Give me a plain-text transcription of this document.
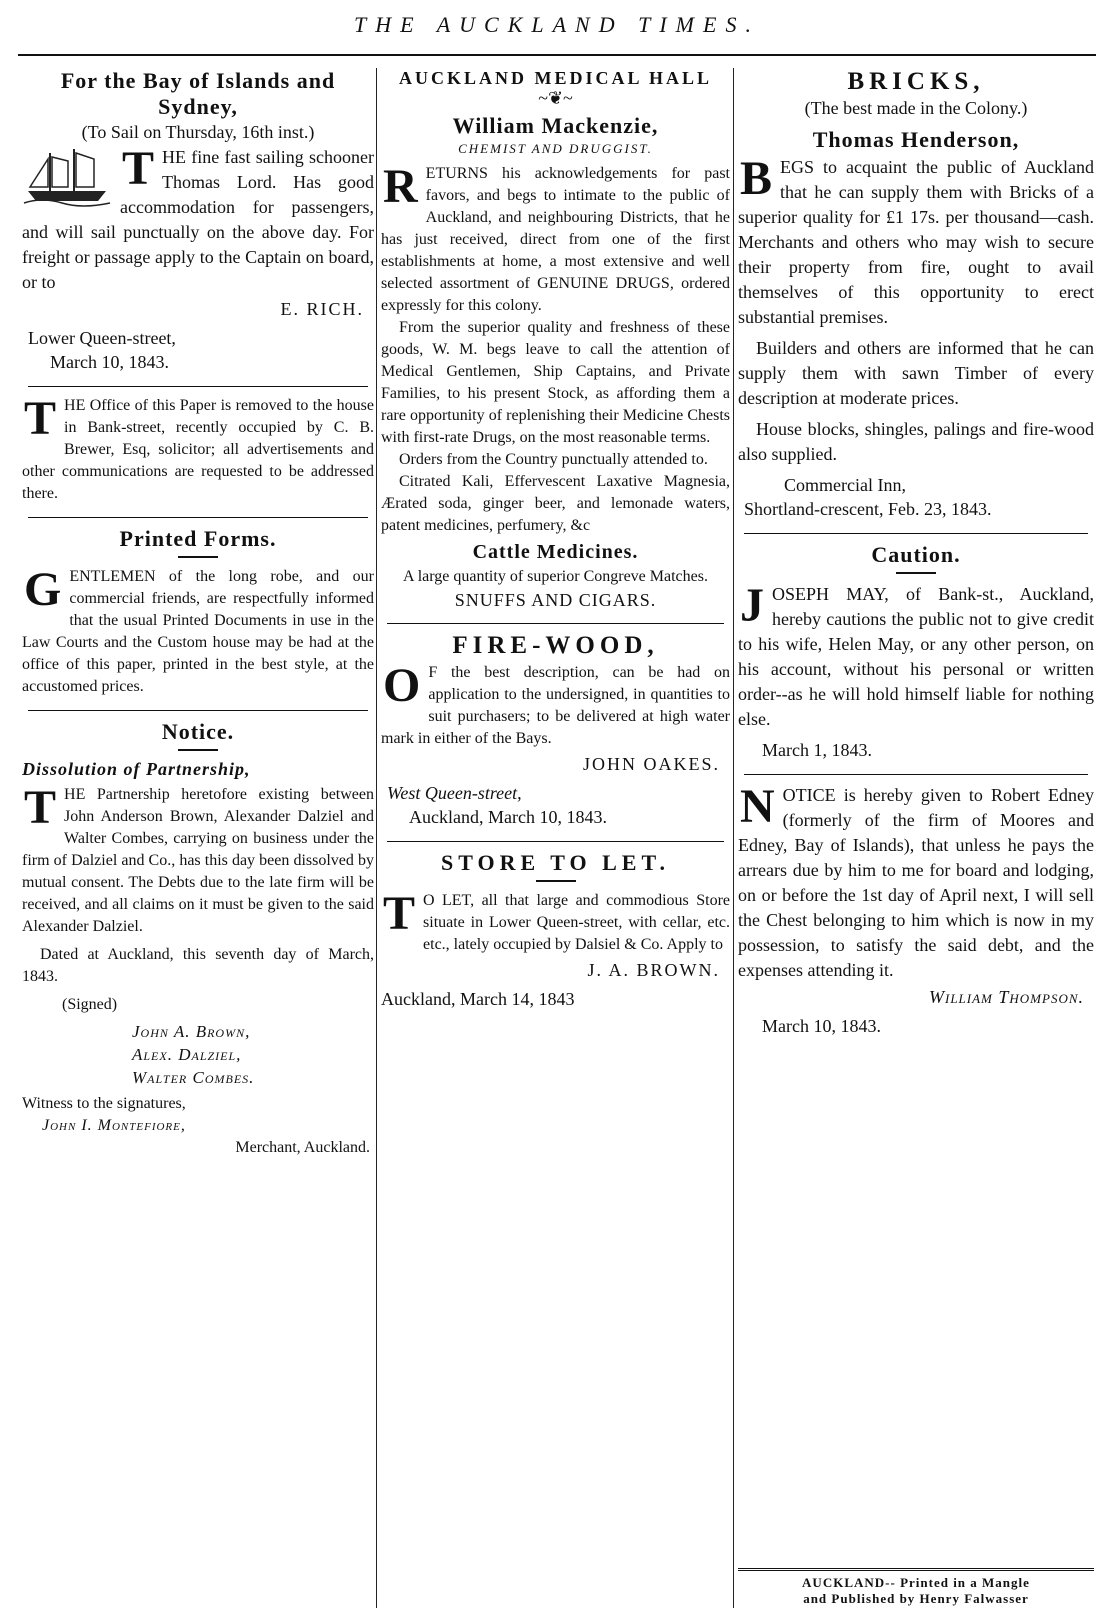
THE AUCKLAND TIMES.
For the Bay of Islands and Sydney,
(To Sail on Thursday, 16th inst.)

THE fine fast sailing schooner Thomas Lord. Has good accommodation for passengers, and will sail punctually on the above day. For freight or passage apply to the Captain on board, or to

E. RICH.
Lower Queen-street,
March 10, 1843.

THE Office of this Paper is removed to the house in Bank-street, recently occupied by C. B. Brewer, Esq, solicitor; all advertisements and other communications are requested to be addressed there.

Printed Forms.

GENTLEMEN of the long robe, and our commercial friends, are respectfully informed that the usual Printed Documents in use in the Law Courts and the Custom house may be had at the office of this paper, printed in the best style, at the accustomed prices.

Notice.
Dissolution of Partnership,

THE Partnership heretofore existing between John Anderson Brown, Alexander Dalziel and Walter Combes, carrying on business under the firm of Dalziel and Co., has this day been dissolved by mutual consent. The Debts due to the late firm will be received, and all claims on it must be given to the said Alexander Dalziel.

Dated at Auckland, this seventh day of March, 1843.

(Signed)
John A. Brown,
Alex. Dalziel,
Walter Combes.
Witness to the signatures,
John I. Montefiore,
Merchant, Auckland.
AUCKLAND MEDICAL HALL
~❦~
William Mackenzie,
CHEMIST AND DRUGGIST.

RETURNS his acknowledgements for past favors, and begs to intimate to the public of Auckland, and neighbouring Districts, that he has just received, direct from one of the first establishments at home, a most extensive and well selected assortment of GENUINE DRUGS, ordered expressly for this colony.

From the superior quality and freshness of these goods, W. M. begs leave to call the attention of Medical Gentlemen, Ship Captains, and Private Families, to his present Stock, as affording them a rare opportunity of replenishing their Medicine Chests with first-rate Drugs, on the most reasonable terms.

Orders from the Country punctually attended to.

Citrated Kali, Effervescent Laxative Magnesia, Ærated soda, ginger beer, and lemonade waters, patent medicines, perfumery, &c

Cattle Medicines.

A large quantity of superior Congreve Matches.

SNUFFS AND CIGARS.
FIRE-WOOD,

O F the best description, can be had on application to the undersigned, in quantities to suit purchasers; to be delivered at high water mark in either of the Bays.

JOHN OAKES.
West Queen-street,
Auckland, March 10, 1843.
STORE TO LET.

T O LET, all that large and commodious Store situate in Lower Queen-street, with cellar, etc. etc., lately occupied by Dalsiel & Co. Apply to

J. A. BROWN.
Auckland, March 14, 1843
BRICKS,
(The best made in the Colony.)
Thomas Henderson,

BEGS to acquaint the public of Auckland that he can supply them with Bricks of a superior quality for £1 17s. per thousand—cash. Merchants and others who may wish to secure their property from fire, ought to avail themselves of this opportunity to erect substantial premises.

Builders and others are informed that he can supply them with sawn Timber of every description at moderate prices.

House blocks, shingles, palings and fire-wood also supplied.

Commercial Inn,
Shortland-crescent, Feb. 23, 1843.
Caution.

JOSEPH MAY, of Bank-st., Auckland, hereby cautions the public not to give credit to his wife, Helen May, or any other person, on his account, without his personal or written order--as he will hold himself liable for nothing else.

March 1, 1843.

NOTICE is hereby given to Robert Edney (formerly of the firm of Moores and Edney, Bay of Islands), that unless he pays the arrears due by him to me for board and lodging, on or before the 1st day of April next, I will sell the Chest belonging to him which is now in my possession, to satisfy the said debt, and the expenses attending it.

William Thompson.
March 10, 1843.
AUCKLAND-- Printed in a Mangle
and Published by Henry Falwasser
